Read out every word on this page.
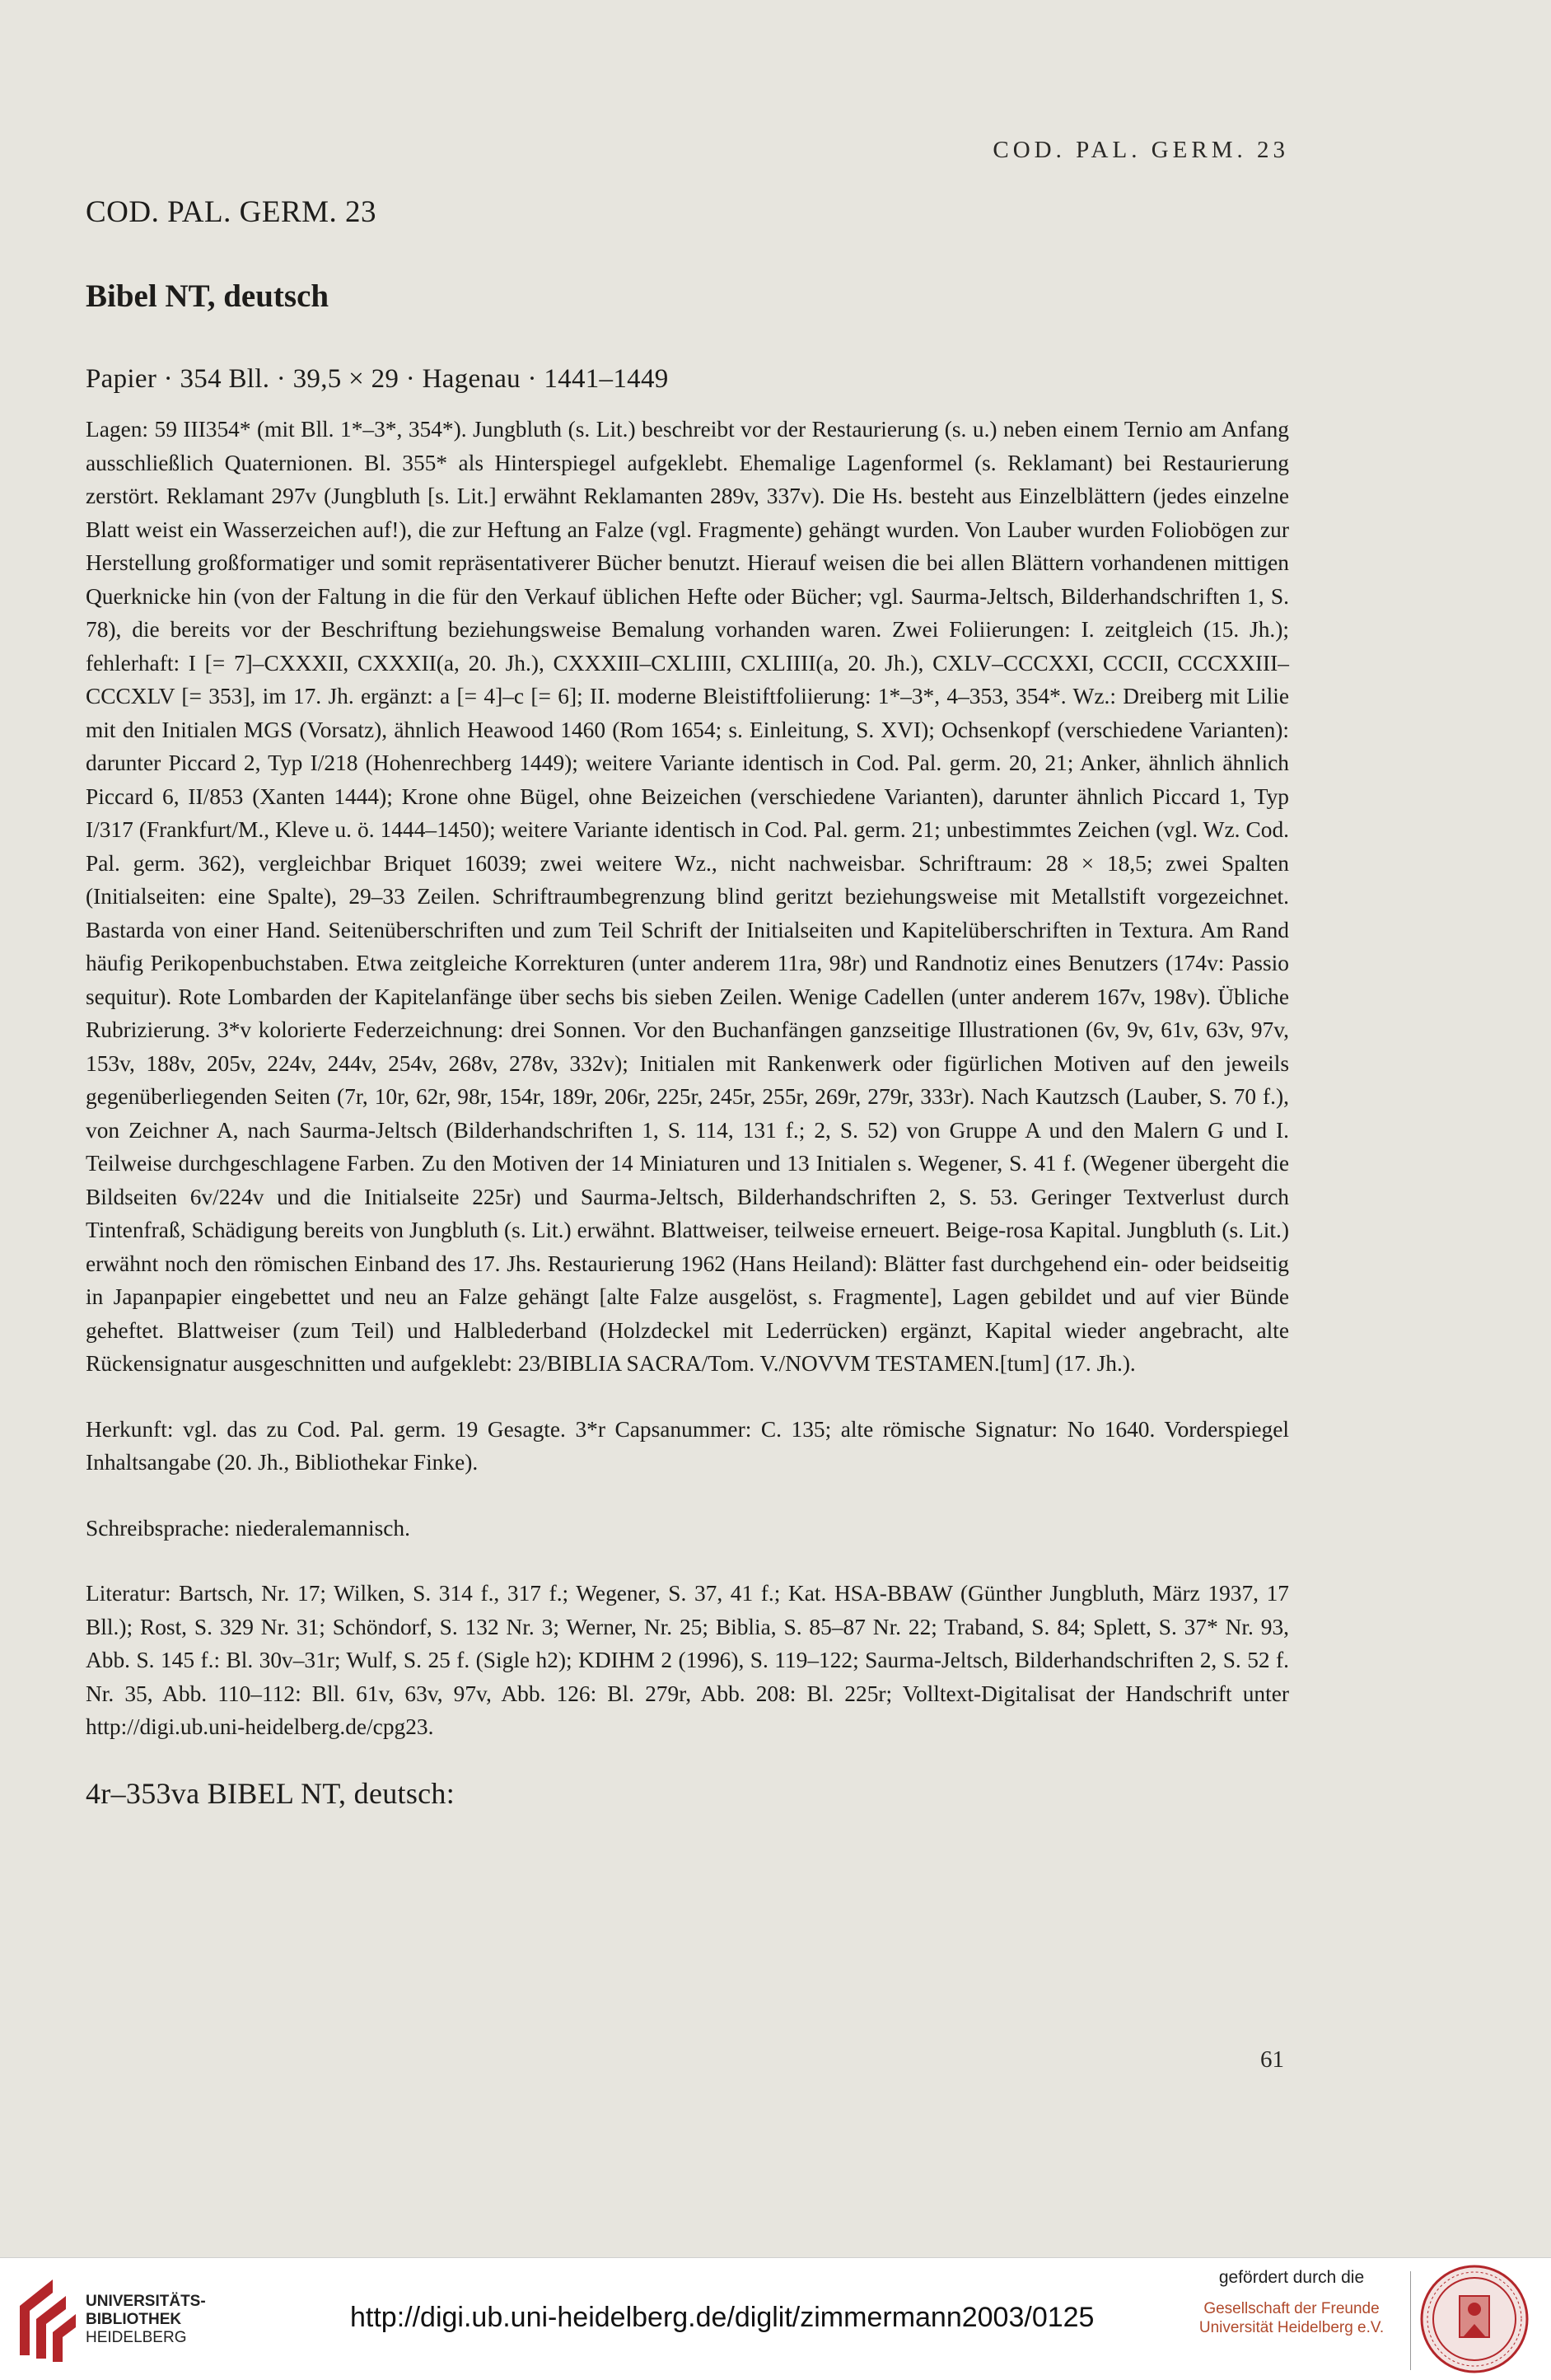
COD. PAL. GERM. 23
COD. PAL. GERM. 23
Bibel NT, deutsch
Papier · 354 Bll. · 39,5 × 29 · Hagenau · 1441–1449

Lagen: 59 III354* (mit Bll. 1*–3*, 354*). Jungbluth (s. Lit.) beschreibt vor der Restaurierung (s. u.) neben einem Ternio am Anfang ausschließlich Quaternionen. Bl. 355* als Hinterspiegel aufgeklebt. Ehemalige Lagenformel (s. Reklamant) bei Restaurierung zerstört. Reklamant 297v (Jungbluth [s. Lit.] erwähnt Reklamanten 289v, 337v). Die Hs. besteht aus Einzelblättern (jedes einzelne Blatt weist ein Wasserzeichen auf!), die zur Heftung an Falze (vgl. Fragmente) gehängt wurden. Von Lauber wurden Foliobögen zur Herstellung großformatiger und somit repräsentativerer Bücher benutzt. Hierauf weisen die bei allen Blättern vorhandenen mittigen Querknicke hin (von der Faltung in die für den Verkauf üblichen Hefte oder Bücher; vgl. Saurma-Jeltsch, Bilderhandschriften 1, S. 78), die bereits vor der Beschriftung beziehungsweise Bemalung vorhanden waren. Zwei Foliierungen: I. zeitgleich (15. Jh.); fehlerhaft: I [= 7]–CXXXII, CXXXII(a, 20. Jh.), CXXXIII–CXLIIII, CXLIIII(a, 20. Jh.), CXLV–CCCXXI, CCCII, CCCXXIII–CCCXLV [= 353], im 17. Jh. ergänzt: a [= 4]–c [= 6]; II. moderne Bleistiftfoliierung: 1*–3*, 4–353, 354*. Wz.: Dreiberg mit Lilie mit den Initialen MGS (Vorsatz), ähnlich Heawood 1460 (Rom 1654; s. Einleitung, S. XVI); Ochsenkopf (verschiedene Varianten): darunter Piccard 2, Typ I/218 (Hohenrechberg 1449); weitere Variante identisch in Cod. Pal. germ. 20, 21; Anker, ähnlich ähnlich Piccard 6, II/853 (Xanten 1444); Krone ohne Bügel, ohne Beizeichen (verschiedene Varianten), darunter ähnlich Piccard 1, Typ I/317 (Frankfurt/M., Kleve u. ö. 1444–1450); weitere Variante identisch in Cod. Pal. germ. 21; unbestimmtes Zeichen (vgl. Wz. Cod. Pal. germ. 362), vergleichbar Briquet 16039; zwei weitere Wz., nicht nachweisbar. Schriftraum: 28 × 18,5; zwei Spalten (Initialseiten: eine Spalte), 29–33 Zeilen. Schriftraumbegrenzung blind geritzt beziehungsweise mit Metallstift vorgezeichnet. Bastarda von einer Hand. Seitenüberschriften und zum Teil Schrift der Initialseiten und Kapitelüberschriften in Textura. Am Rand häufig Perikopenbuchstaben. Etwa zeitgleiche Korrekturen (unter anderem 11ra, 98r) und Randnotiz eines Benutzers (174v: Passio sequitur). Rote Lombarden der Kapitelanfänge über sechs bis sieben Zeilen. Wenige Cadellen (unter anderem 167v, 198v). Übliche Rubrizierung. 3*v kolorierte Federzeichnung: drei Sonnen. Vor den Buchanfängen ganzseitige Illustrationen (6v, 9v, 61v, 63v, 97v, 153v, 188v, 205v, 224v, 244v, 254v, 268v, 278v, 332v); Initialen mit Rankenwerk oder figürlichen Motiven auf den jeweils gegenüberliegenden Seiten (7r, 10r, 62r, 98r, 154r, 189r, 206r, 225r, 245r, 255r, 269r, 279r, 333r). Nach Kautzsch (Lauber, S. 70 f.), von Zeichner A, nach Saurma-Jeltsch (Bilderhandschriften 1, S. 114, 131 f.; 2, S. 52) von Gruppe A und den Malern G und I. Teilweise durchgeschlagene Farben. Zu den Motiven der 14 Miniaturen und 13 Initialen s. Wegener, S. 41 f. (Wegener übergeht die Bildseiten 6v/224v und die Initialseite 225r) und Saurma-Jeltsch, Bilderhandschriften 2, S. 53. Geringer Textverlust durch Tintenfraß, Schädigung bereits von Jungbluth (s. Lit.) erwähnt. Blattweiser, teilweise erneuert. Beige-rosa Kapital. Jungbluth (s. Lit.) erwähnt noch den römischen Einband des 17. Jhs. Restaurierung 1962 (Hans Heiland): Blätter fast durchgehend ein- oder beidseitig in Japanpapier eingebettet und neu an Falze gehängt [alte Falze ausgelöst, s. Fragmente], Lagen gebildet und auf vier Bünde geheftet. Blattweiser (zum Teil) und Halblederband (Holzdeckel mit Lederrücken) ergänzt, Kapital wieder angebracht, alte Rückensignatur ausgeschnitten und aufgeklebt: 23/BIBLIA SACRA/Tom. V./NOVVM TESTAMEN.[tum] (17. Jh.).

Herkunft: vgl. das zu Cod. Pal. germ. 19 Gesagte. 3*r Capsanummer: C. 135; alte römische Signatur: No 1640. Vorderspiegel Inhaltsangabe (20. Jh., Bibliothekar Finke).

Schreibsprache: niederalemannisch.

Literatur: Bartsch, Nr. 17; Wilken, S. 314 f., 317 f.; Wegener, S. 37, 41 f.; Kat. HSA-BBAW (Günther Jungbluth, März 1937, 17 Bll.); Rost, S. 329 Nr. 31; Schöndorf, S. 132 Nr. 3; Werner, Nr. 25; Biblia, S. 85–87 Nr. 22; Traband, S. 84; Splett, S. 37* Nr. 93, Abb. S. 145 f.: Bl. 30v–31r; Wulf, S. 25 f. (Sigle h2); KDIHM 2 (1996), S. 119–122; Saurma-Jeltsch, Bilderhandschriften 2, S. 52 f. Nr. 35, Abb. 110–112: Bll. 61v, 63v, 97v, Abb. 126: Bl. 279r, Abb. 208: Bl. 225r; Volltext-Digitalisat der Handschrift unter http://digi.ub.uni-heidelberg.de/cpg23.

4r–353va BIBEL NT, deutsch:
61
UNIVERSITÄTS-
BIBLIOTHEK
HEIDELBERG
http://digi.ub.uni-heidelberg.de/diglit/zimmermann2003/0125
gefördert durch die
Gesellschaft der Freunde
Universität Heidelberg e.V.
